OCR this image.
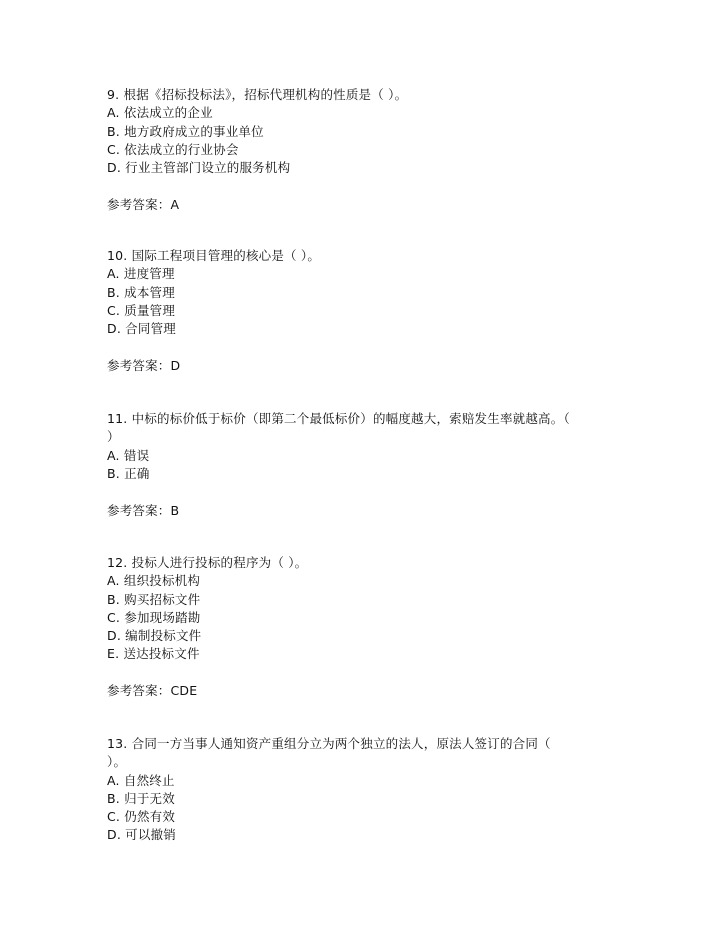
9. 根据《招标投标法》，招标代理机构的性质是（ ）。
A. 依法成立的企业
B. 地方政府成立的事业单位
C. 依法成立的行业协会
D. 行业主管部门设立的服务机构
参考答案：A
10. 国际工程项目管理的核心是（ ）。
A. 进度管理
B. 成本管理
C. 质量管理
D. 合同管理
参考答案：D
11. 中标的标价低于标价（即第二个最低标价）的幅度越大，索赔发生率就越高。（
）
A. 错误
B. 正确
参考答案：B
12. 投标人进行投标的程序为（ ）。
A. 组织投标机构
B. 购买招标文件
C. 参加现场踏勘
D. 编制投标文件
E. 送达投标文件
参考答案：CDE
13. 合同一方当事人通知资产重组分立为两个独立的法人，原法人签订的合同（
）。
A. 自然终止
B. 归于无效
C. 仍然有效
D. 可以撤销
